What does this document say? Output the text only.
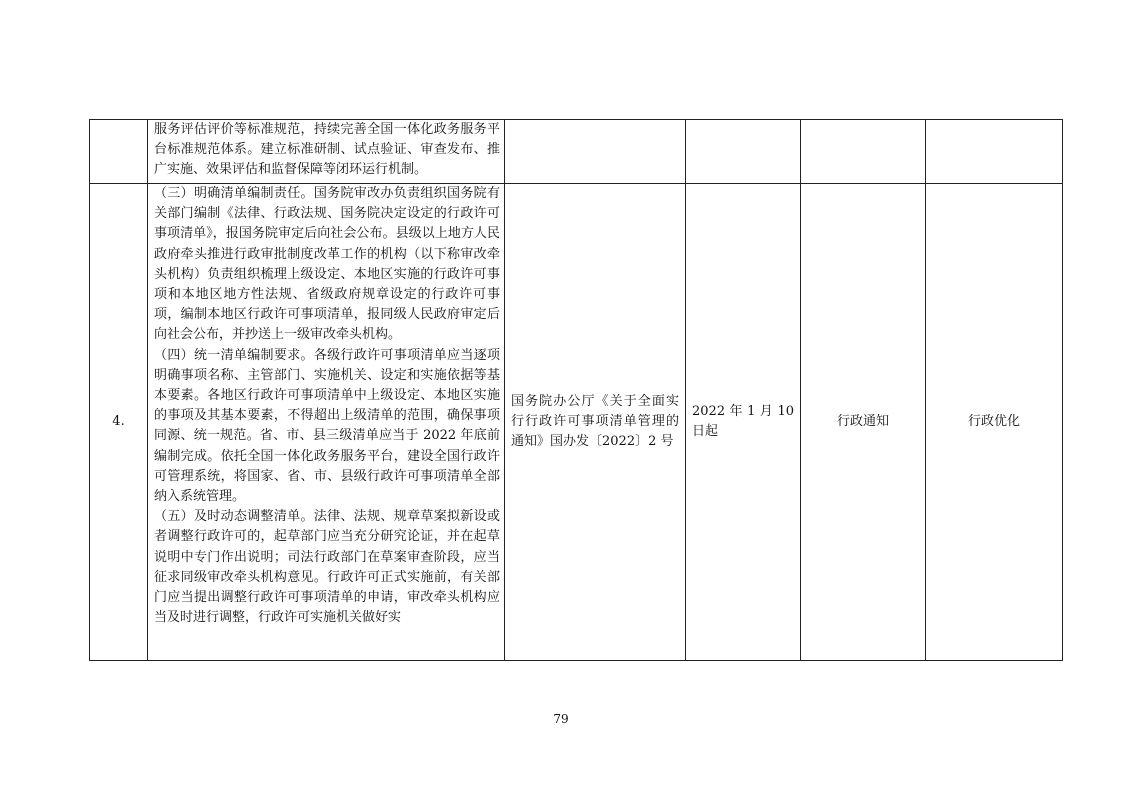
	服务评估评价等标准规范，持续完善全国一体化政务服务平台标准规范体系。建立标准研制、试点验证、审查发布、推广实施、效果评估和监督保障等闭环运行机制。				

4.	（三）明确清单编制责任。国务院审改办负责组织国务院有关部门编制《法律、行政法规、国务院决定设定的行政许可事项清单》，报国务院审定后向社会公布。县级以上地方人民政府牵头推进行政审批制度改革工作的机构（以下称审改牵头机构）负责组织梳理上级设定、本地区实施的行政许可事项和本地区地方性法规、省级政府规章设定的行政许可事项，编制本地区行政许可事项清单，报同级人民政府审定后向社会公布，并抄送上一级审改牵头机构。

（四）统一清单编制要求。各级行政许可事项清单应当逐项明确事项名称、主管部门、实施机关、设定和实施依据等基本要素。各地区行政许可事项清单中上级设定、本地区实施的事项及其基本要素，不得超出上级清单的范围，确保事项同源、统一规范。省、市、县三级清单应当于 2022 年底前编制完成。依托全国一体化政务服务平台，建设全国行政许可管理系统，将国家、省、市、县级行政许可事项清单全部纳入系统管理。

（五）及时动态调整清单。法律、法规、规章草案拟新设或者调整行政许可的，起草部门应当充分研究论证，并在起草说明中专门作出说明；司法行政部门在草案审查阶段，应当征求同级审改牵头机构意见。行政许可正式实施前，有关部门应当提出调整行政许可事项清单的申请，审改牵头机构应当及时进行调整，行政许可实施机关做好实	国务院办公厅《关于全面实行行政许可事项清单管理的通知》国办发〔2022〕2 号	2022 年 1 月 10 日起	行政通知	行政优化
79
